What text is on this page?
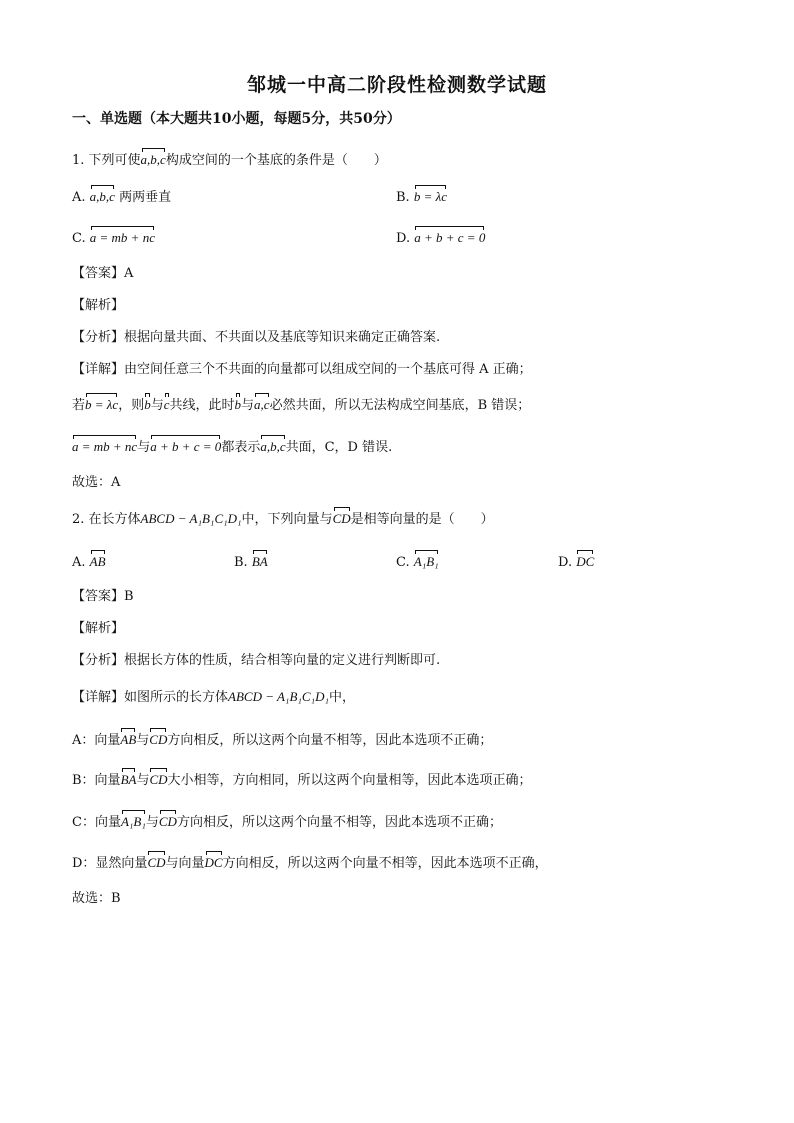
邹城一中高二阶段性检测数学试题
一、单选题（本大题共10小题，每题5分，共50分）
1. 下列可使a,b,c构成空间的一个基底的条件是（　　）
A. a,b,c 两两垂直	B. b = λc
C. a = mb + nc	D. a + b + c = 0
【答案】A
【解析】
【分析】根据向量共面、不共面以及基底等知识来确定正确答案.
【详解】由空间任意三个不共面的向量都可以组成空间的一个基底可得 A 正确；
若b = λc，则b与c共线，此时b与a,c必然共面，所以无法构成空间基底，B 错误；
a = mb + nc与a + b + c = 0都表示a,b,c共面，C，D 错误.
故选：A
2. 在长方体ABCD − A₁B₁C₁D₁中，下列向量与CD是相等向量的是（　　）
A. AB	B. BA	C. A₁B₁	D. DC
【答案】B
【解析】
【分析】根据长方体的性质，结合相等向量的定义进行判断即可.
【详解】如图所示的长方体ABCD − A₁B₁C₁D₁中，
A：向量AB与CD方向相反，所以这两个向量不相等，因此本选项不正确；
B：向量BA与CD大小相等，方向相同，所以这两个向量相等，因此本选项正确；
C：向量A₁B₁与CD方向相反，所以这两个向量不相等，因此本选项不正确；
D：显然向量CD与向量DC方向相反，所以这两个向量不相等，因此本选项不正确，
故选：B
